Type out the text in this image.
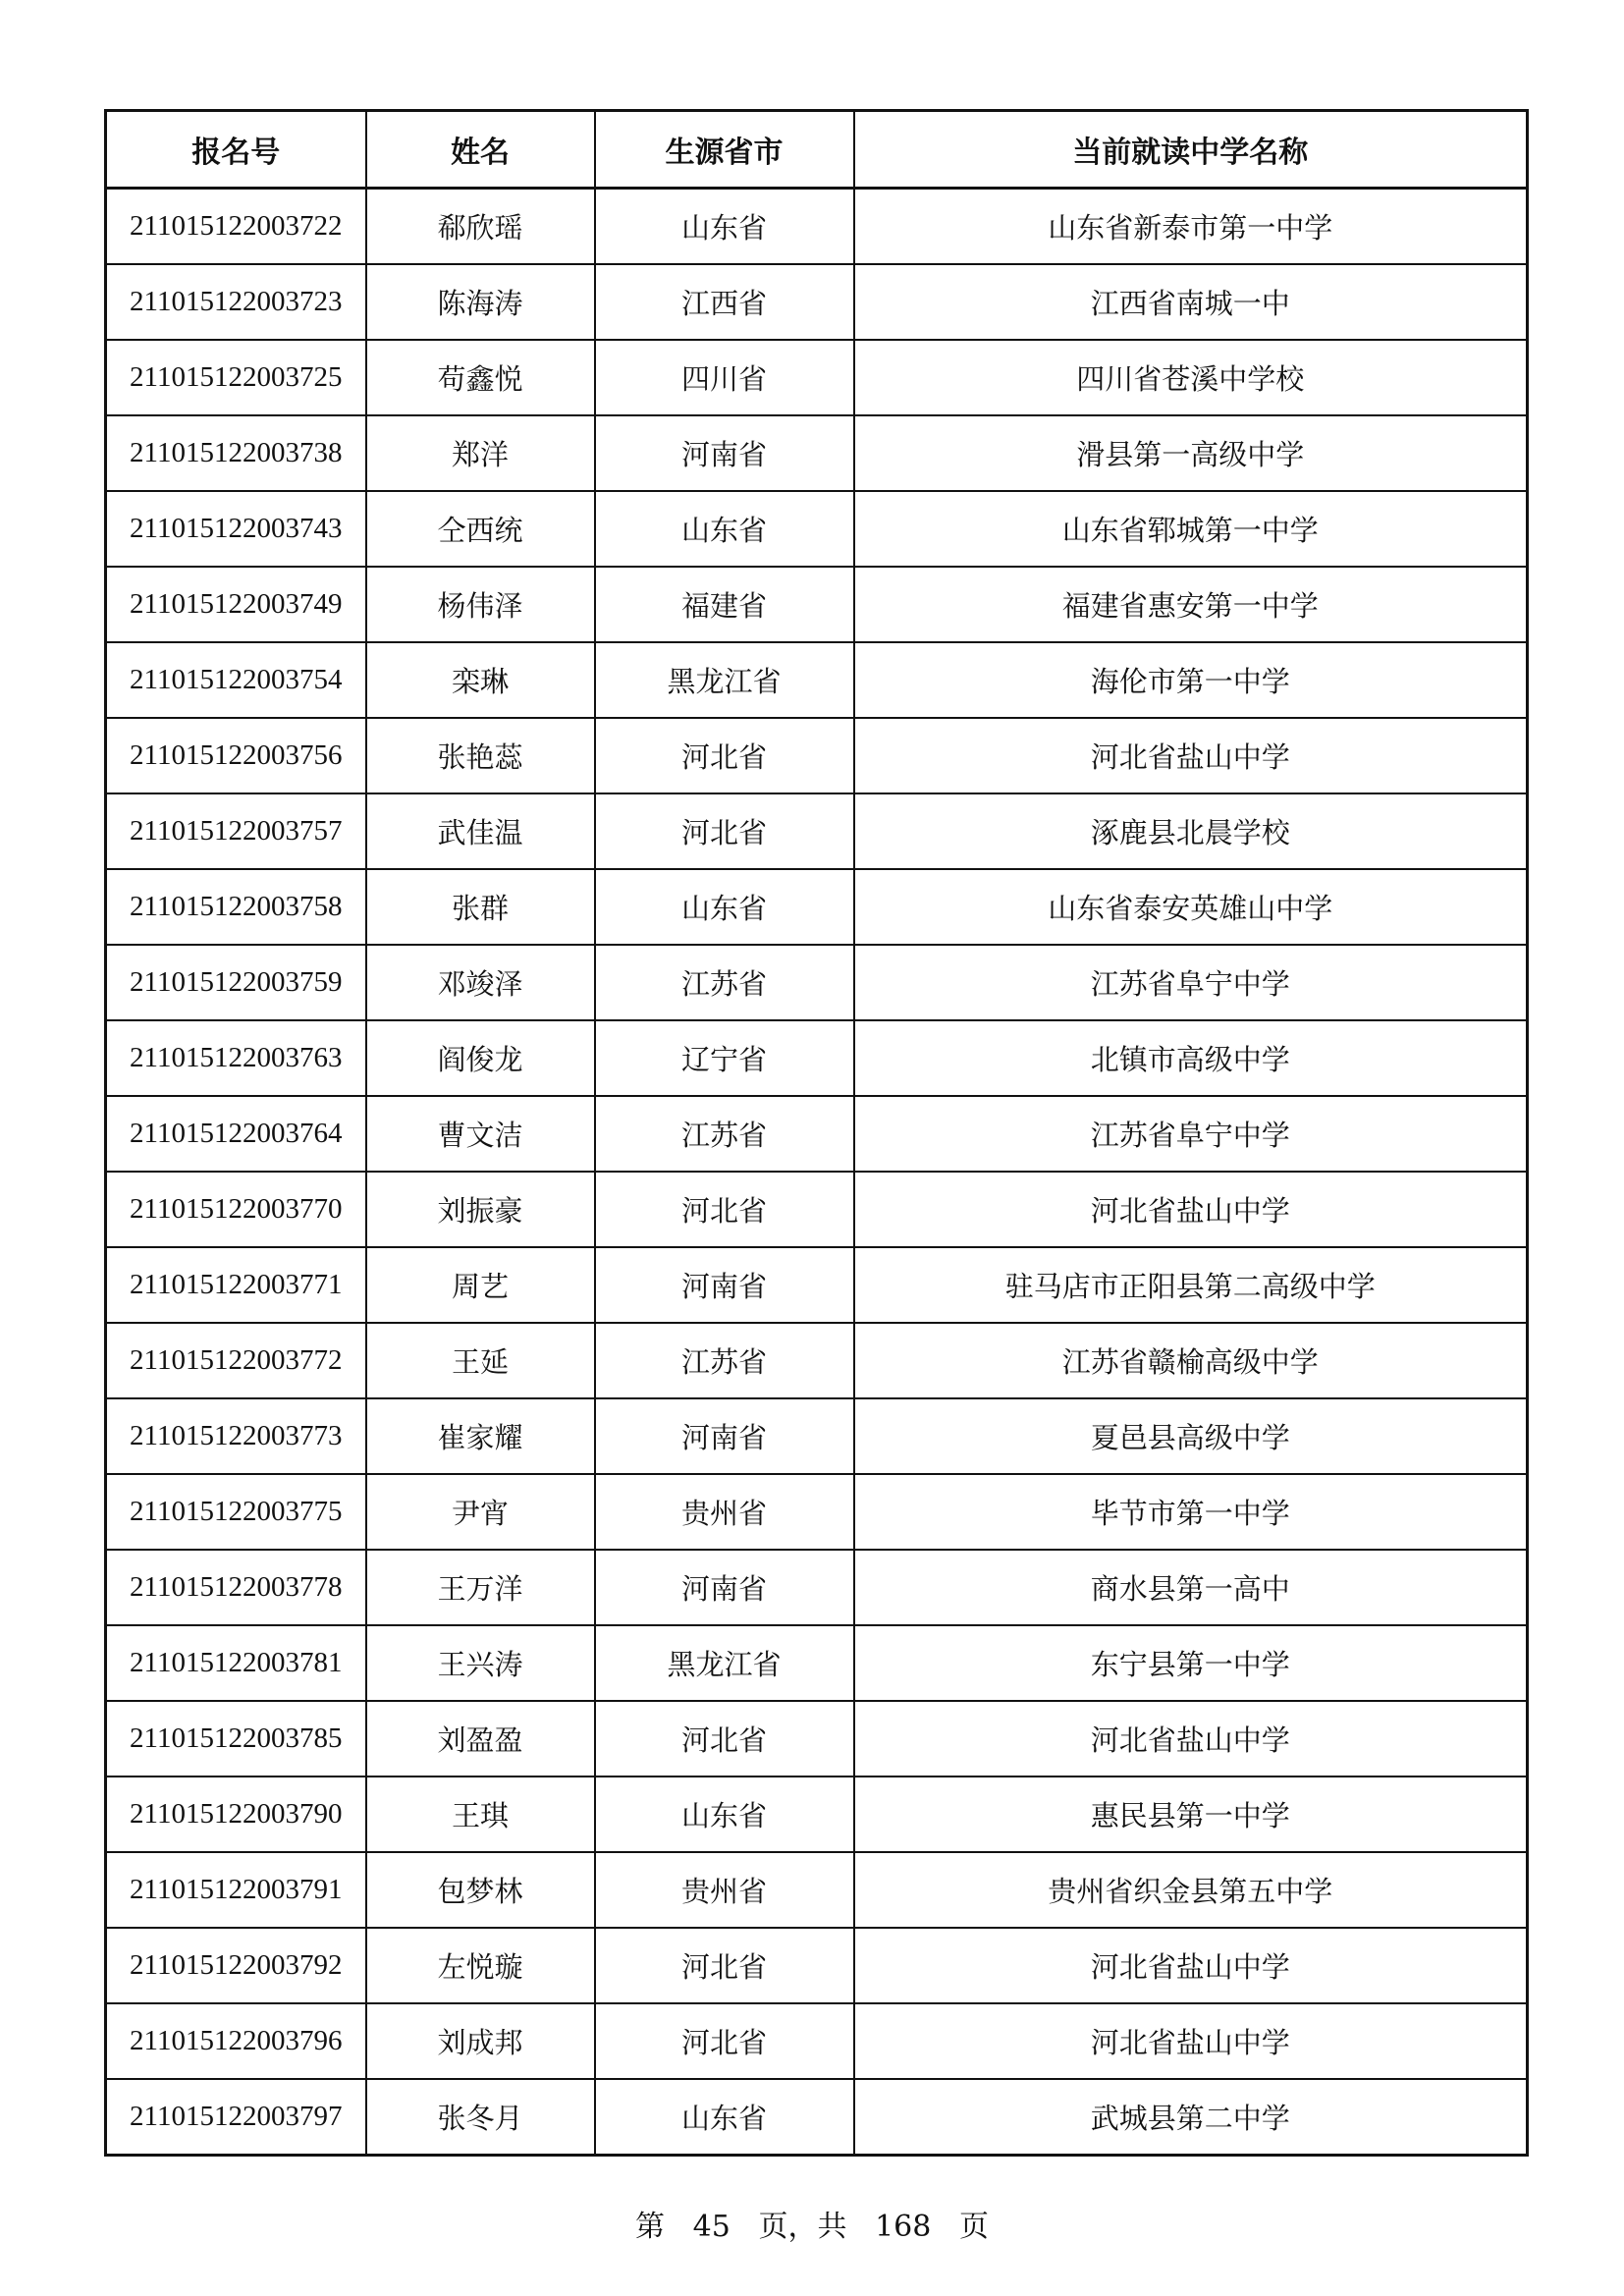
报名号	姓名	生源省市	当前就读中学名称
211015122003722	郗欣瑶	山东省	山东省新泰市第一中学
211015122003723	陈海涛	江西省	江西省南城一中
211015122003725	苟鑫悦	四川省	四川省苍溪中学校
211015122003738	郑洋	河南省	滑县第一高级中学
211015122003743	仝西统	山东省	山东省郓城第一中学
211015122003749	杨伟泽	福建省	福建省惠安第一中学
211015122003754	栾琳	黑龙江省	海伦市第一中学
211015122003756	张艳蕊	河北省	河北省盐山中学
211015122003757	武佳温	河北省	涿鹿县北晨学校
211015122003758	张群	山东省	山东省泰安英雄山中学
211015122003759	邓竣泽	江苏省	江苏省阜宁中学
211015122003763	阎俊龙	辽宁省	北镇市高级中学
211015122003764	曹文洁	江苏省	江苏省阜宁中学
211015122003770	刘振豪	河北省	河北省盐山中学
211015122003771	周艺	河南省	驻马店市正阳县第二高级中学
211015122003772	王延	江苏省	江苏省赣榆高级中学
211015122003773	崔家耀	河南省	夏邑县高级中学
211015122003775	尹宵	贵州省	毕节市第一中学
211015122003778	王万洋	河南省	商水县第一高中
211015122003781	王兴涛	黑龙江省	东宁县第一中学
211015122003785	刘盈盈	河北省	河北省盐山中学
211015122003790	王琪	山东省	惠民县第一中学
211015122003791	包梦林	贵州省	贵州省织金县第五中学
211015122003792	左悦璇	河北省	河北省盐山中学
211015122003796	刘成邦	河北省	河北省盐山中学
211015122003797	张冬月	山东省	武城县第二中学
第 45 页，共 168 页
